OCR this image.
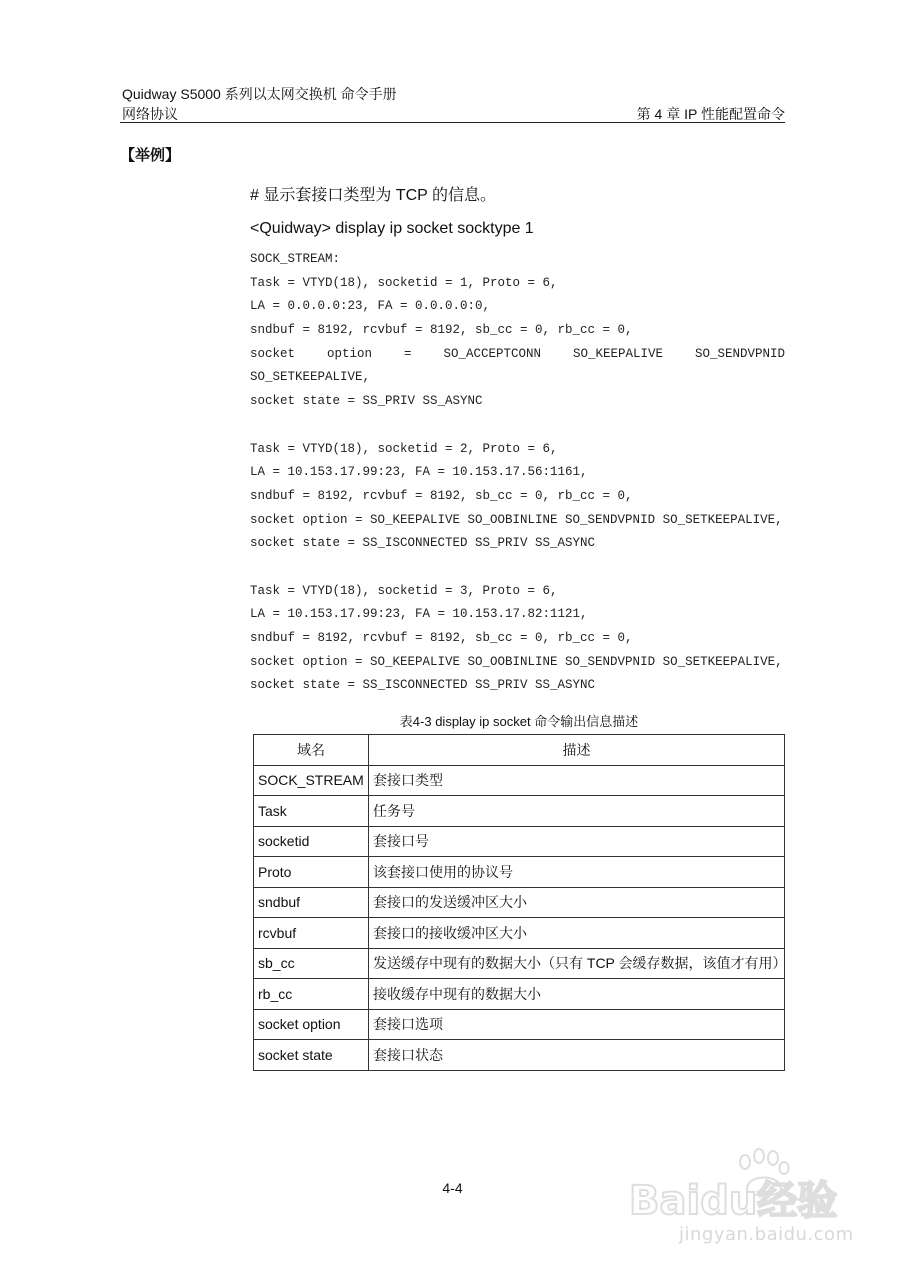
Quidway S5000 系列以太网交换机 命令手册
网络协议	第 4 章 IP 性能配置命令
【举例】
# 显示套接口类型为 TCP 的信息。
<Quidway> display ip socket socktype 1
SOCK_STREAM:
Task = VTYD(18), socketid = 1, Proto = 6,
LA = 0.0.0.0:23, FA = 0.0.0.0:0,
sndbuf = 8192, rcvbuf = 8192, sb_cc = 0, rb_cc = 0,
socket	option	=	SO_ACCEPTCONN	SO_KEEPALIVE	SO_SENDVPNID
SO_SETKEEPALIVE,
socket state = SS_PRIV SS_ASYNC
Task = VTYD(18), socketid = 2, Proto = 6,
LA = 10.153.17.99:23, FA = 10.153.17.56:1161,
sndbuf = 8192, rcvbuf = 8192, sb_cc = 0, rb_cc = 0,
socket option = SO_KEEPALIVE SO_OOBINLINE SO_SENDVPNID SO_SETKEEPALIVE,
socket state = SS_ISCONNECTED SS_PRIV SS_ASYNC
Task = VTYD(18), socketid = 3, Proto = 6,
LA = 10.153.17.99:23, FA = 10.153.17.82:1121,
sndbuf = 8192, rcvbuf = 8192, sb_cc = 0, rb_cc = 0,
socket option = SO_KEEPALIVE SO_OOBINLINE SO_SENDVPNID SO_SETKEEPALIVE,
socket state = SS_ISCONNECTED SS_PRIV SS_ASYNC
表4-3 display ip socket 命令输出信息描述
域名	描述
SOCK_STREAM	套接口类型
Task	任务号
socketid	套接口号
Proto	该套接口使用的协议号
sndbuf	套接口的发送缓冲区大小
rcvbuf	套接口的接收缓冲区大小
sb_cc	发送缓存中现有的数据大小（只有 TCP 会缓存数据，该值才有用）
rb_cc	接收缓存中现有的数据大小
socket option	套接口选项
socket state	套接口状态
4-4	Baidu经验
jingyan.baidu.com
